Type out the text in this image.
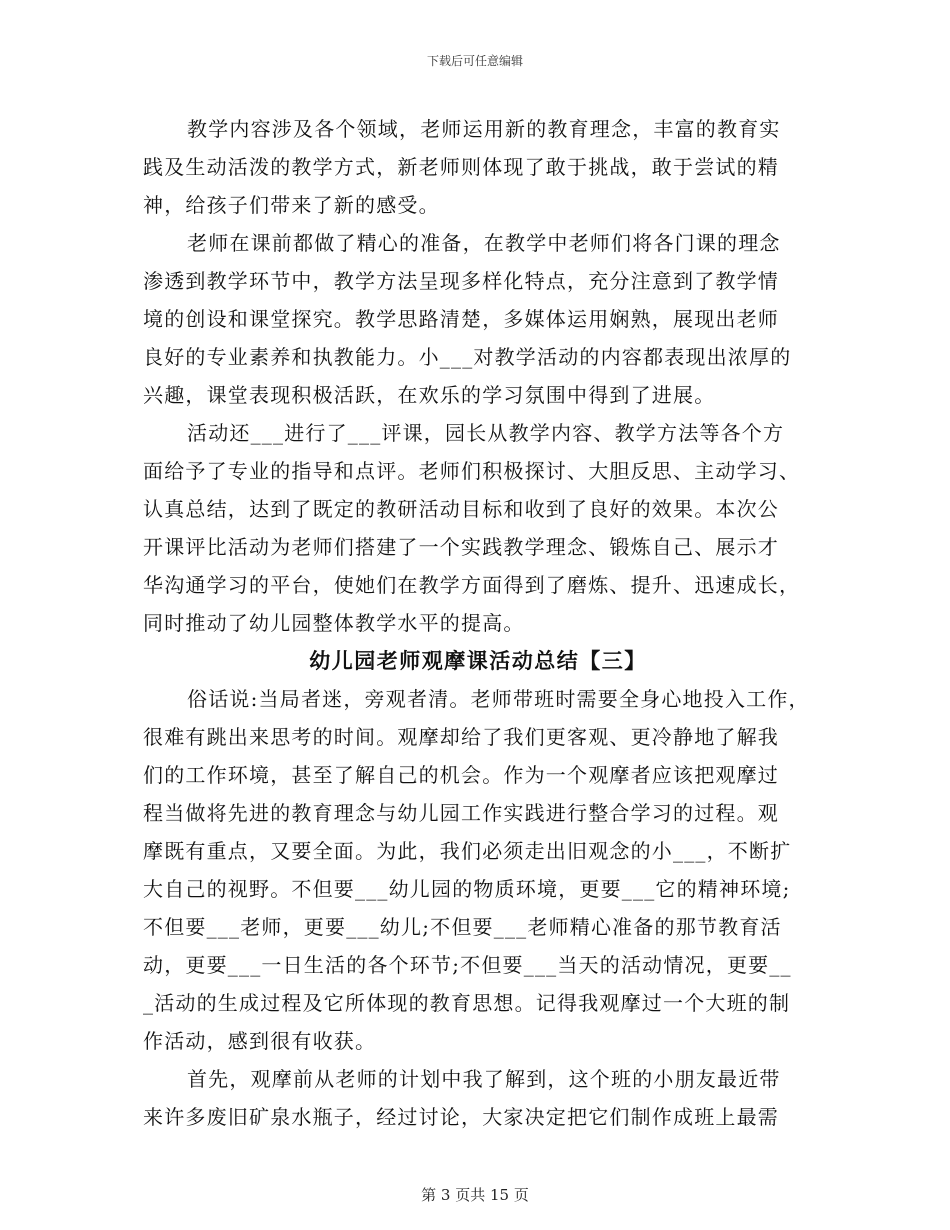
下载后可任意编辑
教学内容涉及各个领域，老师运用新的教育理念，丰富的教育实
践及生动活泼的教学方式，新老师则体现了敢于挑战，敢于尝试的精
神，给孩子们带来了新的感受。
老师在课前都做了精心的准备，在教学中老师们将各门课的理念
渗透到教学环节中，教学方法呈现多样化特点，充分注意到了教学情
境的创设和课堂探究。教学思路清楚，多媒体运用娴熟，展现出老师
良好的专业素养和执教能力。小___对教学活动的内容都表现出浓厚的
兴趣，课堂表现积极活跃，在欢乐的学习氛围中得到了进展。
活动还___进行了___评课，园长从教学内容、教学方法等各个方
面给予了专业的指导和点评。老师们积极探讨、大胆反思、主动学习、
认真总结，达到了既定的教研活动目标和收到了良好的效果。本次公
开课评比活动为老师们搭建了一个实践教学理念、锻炼自己、展示才
华沟通学习的平台，使她们在教学方面得到了磨炼、提升、迅速成长，
同时推动了幼儿园整体教学水平的提高。
幼儿园老师观摩课活动总结【三】
俗话说:当局者迷，旁观者清。老师带班时需要全身心地投入工作，
很难有跳出来思考的时间。观摩却给了我们更客观、更冷静地了解我
们的工作环境，甚至了解自己的机会。作为一个观摩者应该把观摩过
程当做将先进的教育理念与幼儿园工作实践进行整合学习的过程。观
摩既有重点，又要全面。为此，我们必须走出旧观念的小___，不断扩
大自己的视野。不但要___幼儿园的物质环境，更要___它的精神环境;
不但要___老师，更要___幼儿;不但要___老师精心准备的那节教育活
动，更要___一日生活的各个环节;不但要___当天的活动情况，更要__
_活动的生成过程及它所体现的教育思想。记得我观摩过一个大班的制
作活动，感到很有收获。
首先，观摩前从老师的计划中我了解到，这个班的小朋友最近带
来许多废旧矿泉水瓶子，经过讨论，大家决定把它们制作成班上最需
第 3 页共 15 页
